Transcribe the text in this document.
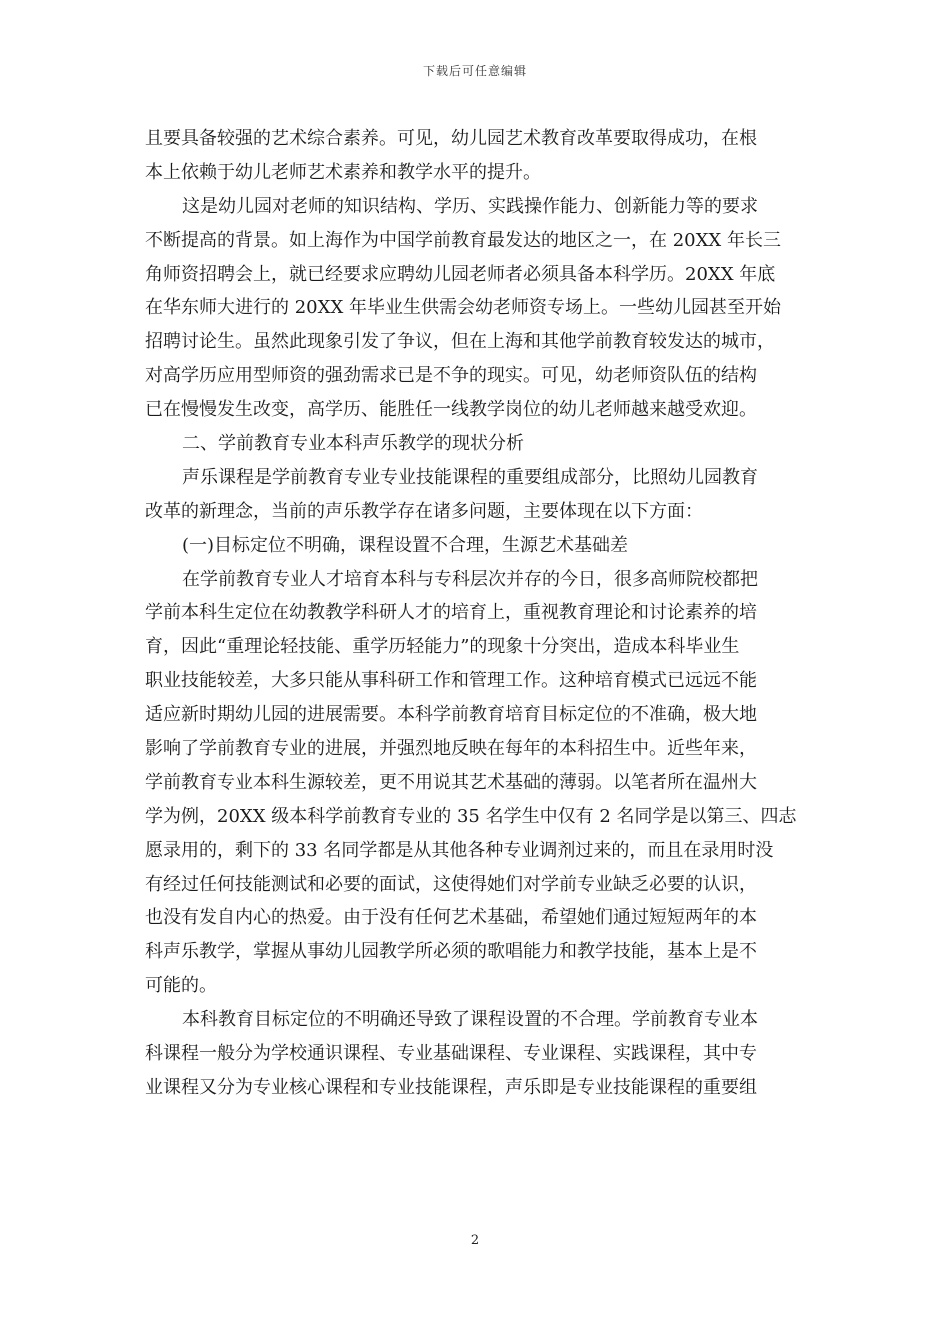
下载后可任意编辑
且要具备较强的艺术综合素养。可见，幼儿园艺术教育改革要取得成功，在根
本上依赖于幼儿老师艺术素养和教学水平的提升。
这是幼儿园对老师的知识结构、学历、实践操作能力、创新能力等的要求
不断提高的背景。如上海作为中国学前教育最发达的地区之一，在 20XX 年长三
角师资招聘会上，就已经要求应聘幼儿园老师者必须具备本科学历。20XX 年底
在华东师大进行的 20XX 年毕业生供需会幼老师资专场上。一些幼儿园甚至开始
招聘讨论生。虽然此现象引发了争议，但在上海和其他学前教育较发达的城市，
对高学历应用型师资的强劲需求已是不争的现实。可见，幼老师资队伍的结构
已在慢慢发生改变，高学历、能胜任一线教学岗位的幼儿老师越来越受欢迎。
二、学前教育专业本科声乐教学的现状分析
声乐课程是学前教育专业专业技能课程的重要组成部分，比照幼儿园教育
改革的新理念，当前的声乐教学存在诸多问题，主要体现在以下方面：
(一)目标定位不明确，课程设置不合理，生源艺术基础差
在学前教育专业人才培育本科与专科层次并存的今日，很多高师院校都把
学前本科生定位在幼教教学科研人才的培育上，重视教育理论和讨论素养的培
育，因此“重理论轻技能、重学历轻能力”的现象十分突出，造成本科毕业生
职业技能较差，大多只能从事科研工作和管理工作。这种培育模式已远远不能
适应新时期幼儿园的进展需要。本科学前教育培育目标定位的不准确，极大地
影响了学前教育专业的进展，并强烈地反映在每年的本科招生中。近些年来，
学前教育专业本科生源较差，更不用说其艺术基础的薄弱。以笔者所在温州大
学为例，20XX 级本科学前教育专业的 35 名学生中仅有 2 名同学是以第三、四志
愿录用的，剩下的 33 名同学都是从其他各种专业调剂过来的，而且在录用时没
有经过任何技能测试和必要的面试，这使得她们对学前专业缺乏必要的认识，
也没有发自内心的热爱。由于没有任何艺术基础，希望她们通过短短两年的本
科声乐教学，掌握从事幼儿园教学所必须的歌唱能力和教学技能，基本上是不
可能的。
本科教育目标定位的不明确还导致了课程设置的不合理。学前教育专业本
科课程一般分为学校通识课程、专业基础课程、专业课程、实践课程，其中专
业课程又分为专业核心课程和专业技能课程，声乐即是专业技能课程的重要组
2
